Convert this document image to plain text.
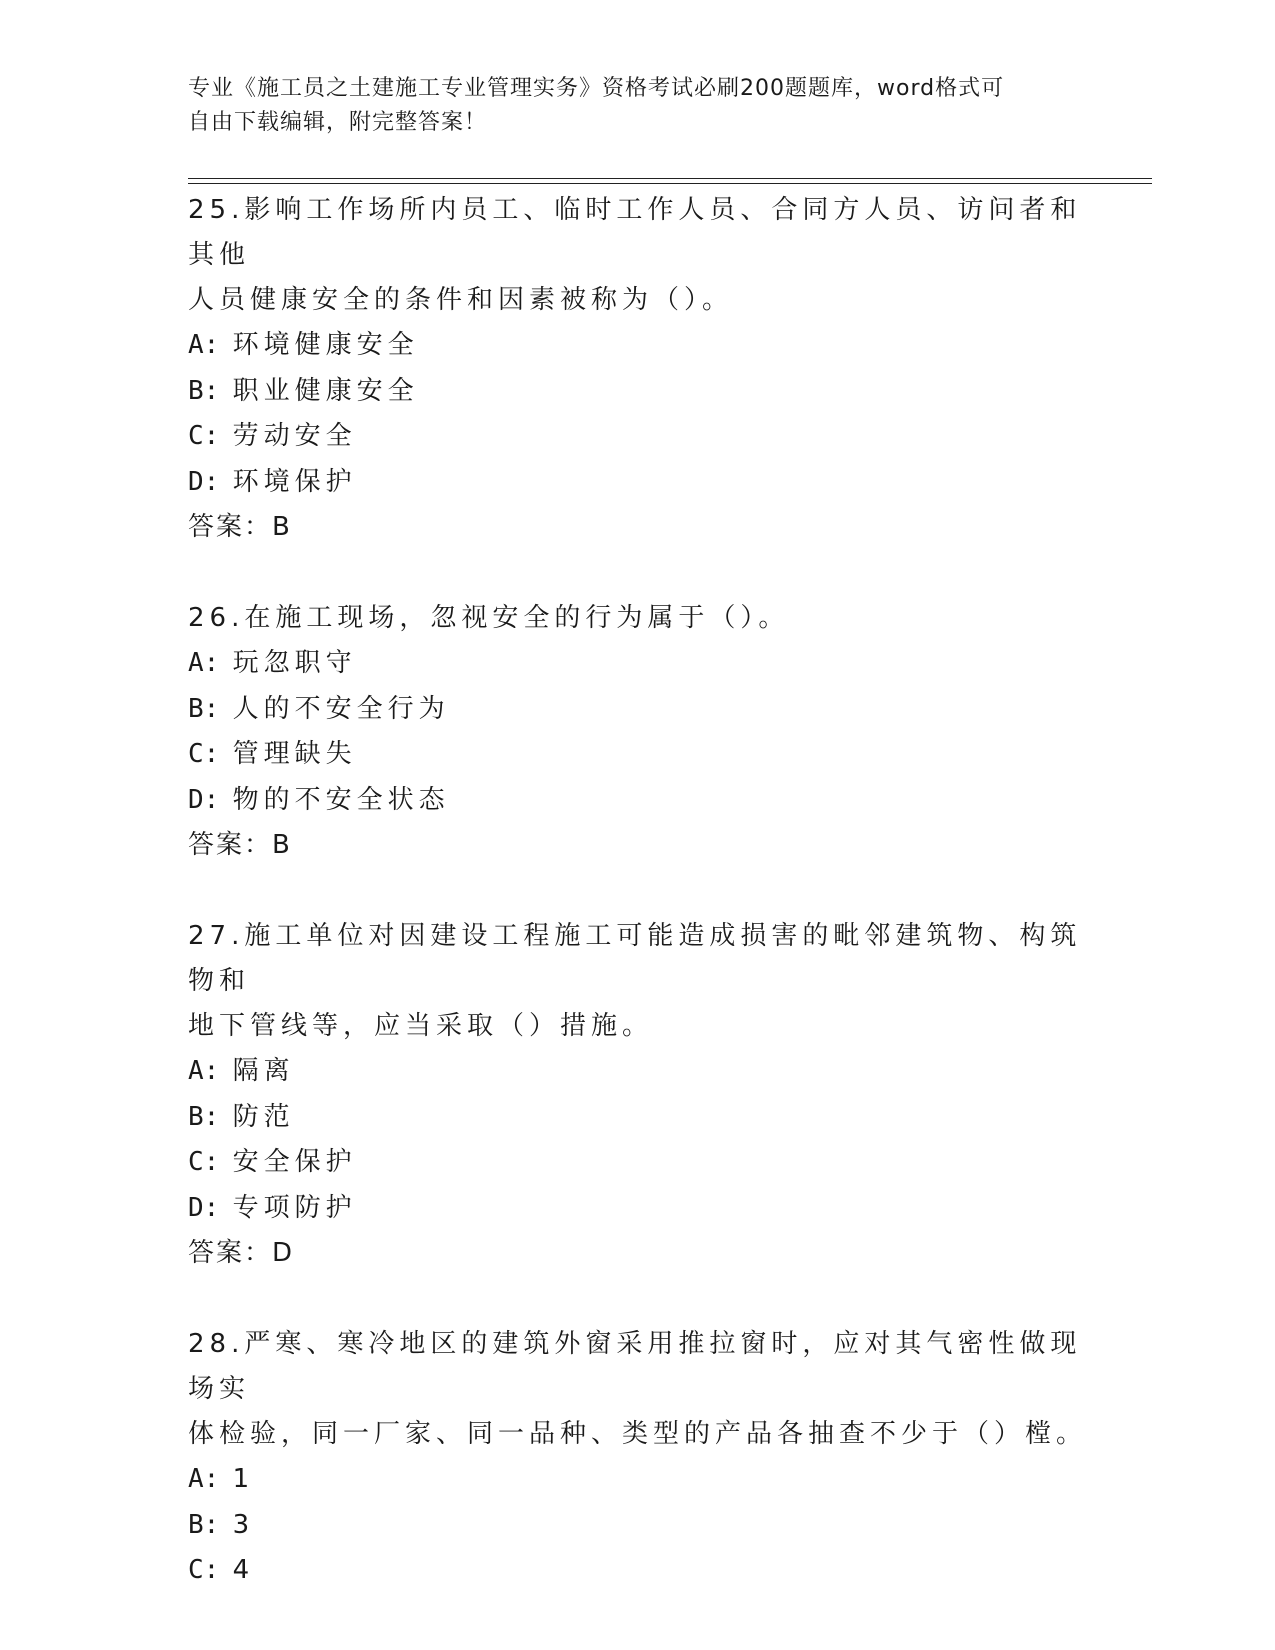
专业《施工员之土建施工专业管理实务》资格考试必刷200题题库，word格式可

自由下载编辑，附完整答案！

25.影响工作场所内员工、临时工作人员、合同方人员、访问者和其他

人员健康安全的条件和因素被称为（）。

A: 环境健康安全

B: 职业健康安全

C: 劳动安全

D: 环境保护

答案：B

26.在施工现场，忽视安全的行为属于（）。

A: 玩忽职守

B: 人的不安全行为

C: 管理缺失

D: 物的不安全状态

答案：B

27.施工单位对因建设工程施工可能造成损害的毗邻建筑物、构筑物和

地下管线等，应当采取（）措施。

A: 隔离

B: 防范

C: 安全保护

D: 专项防护

答案：D

28.严寒、寒冷地区的建筑外窗采用推拉窗时，应对其气密性做现场实

体检验，同一厂家、同一品种、类型的产品各抽查不少于（）樘。

A: 1

B: 3

C: 4
